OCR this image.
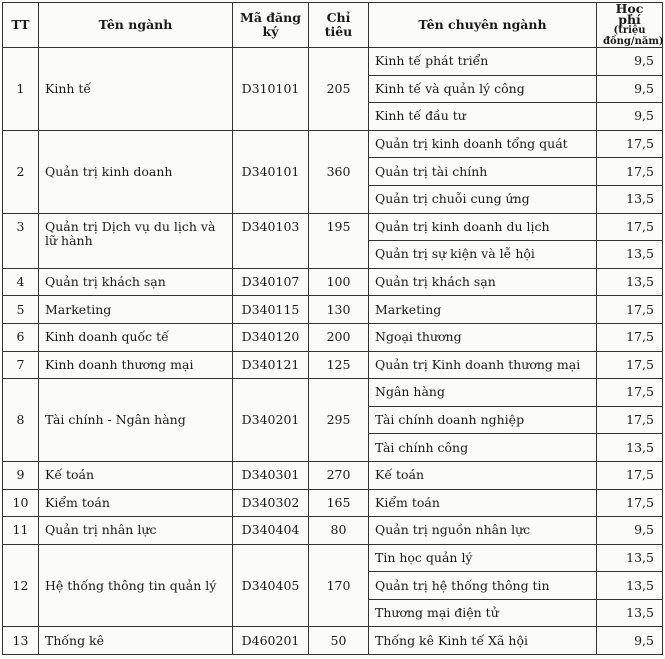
TT	Tên ngành	Mã đăng ký	Chỉ tiêu	Tên chuyên ngành	Học phí
(triệu đồng/năm)
1	Kinh tế	D310101	205	Kinh tế phát triển	9,5
				Kinh tế và quản lý công	9,5
				Kinh tế đầu tư	9,5
2	Quản trị kinh doanh	D340101	360	Quản trị kinh doanh tổng quát	17,5
				Quản trị tài chính	17,5
				Quản trị chuỗi cung ứng	13,5
3	Quản trị Dịch vụ du lịch và lữ hành	D340103	195	Quản trị kinh doanh du lịch	17,5
				Quản trị sự kiện và lễ hội	13,5
4	Quản trị khách sạn	D340107	100	Quản trị khách sạn	13,5
5	Marketing	D340115	130	Marketing	17,5
6	Kinh doanh quốc tế	D340120	200	Ngoại thương	17,5
7	Kinh doanh thương mại	D340121	125	Quản trị Kinh doanh thương mại	17,5
8	Tài chính - Ngân hàng	D340201	295	Ngân hàng	17,5
				Tài chính doanh nghiệp	17,5
				Tài chính công	13,5
9	Kế toán	D340301	270	Kế toán	17,5
10	Kiểm toán	D340302	165	Kiểm toán	17,5
11	Quản trị nhân lực	D340404	80	Quản trị nguồn nhân lực	9,5
12	Hệ thống thông tin quản lý	D340405	170	Tin học quản lý	13,5
				Quản trị hệ thống thông tin	13,5
				Thương mại điện tử	13,5
13	Thống kê	D460201	50	Thống kê Kinh tế Xã hội	9,5
